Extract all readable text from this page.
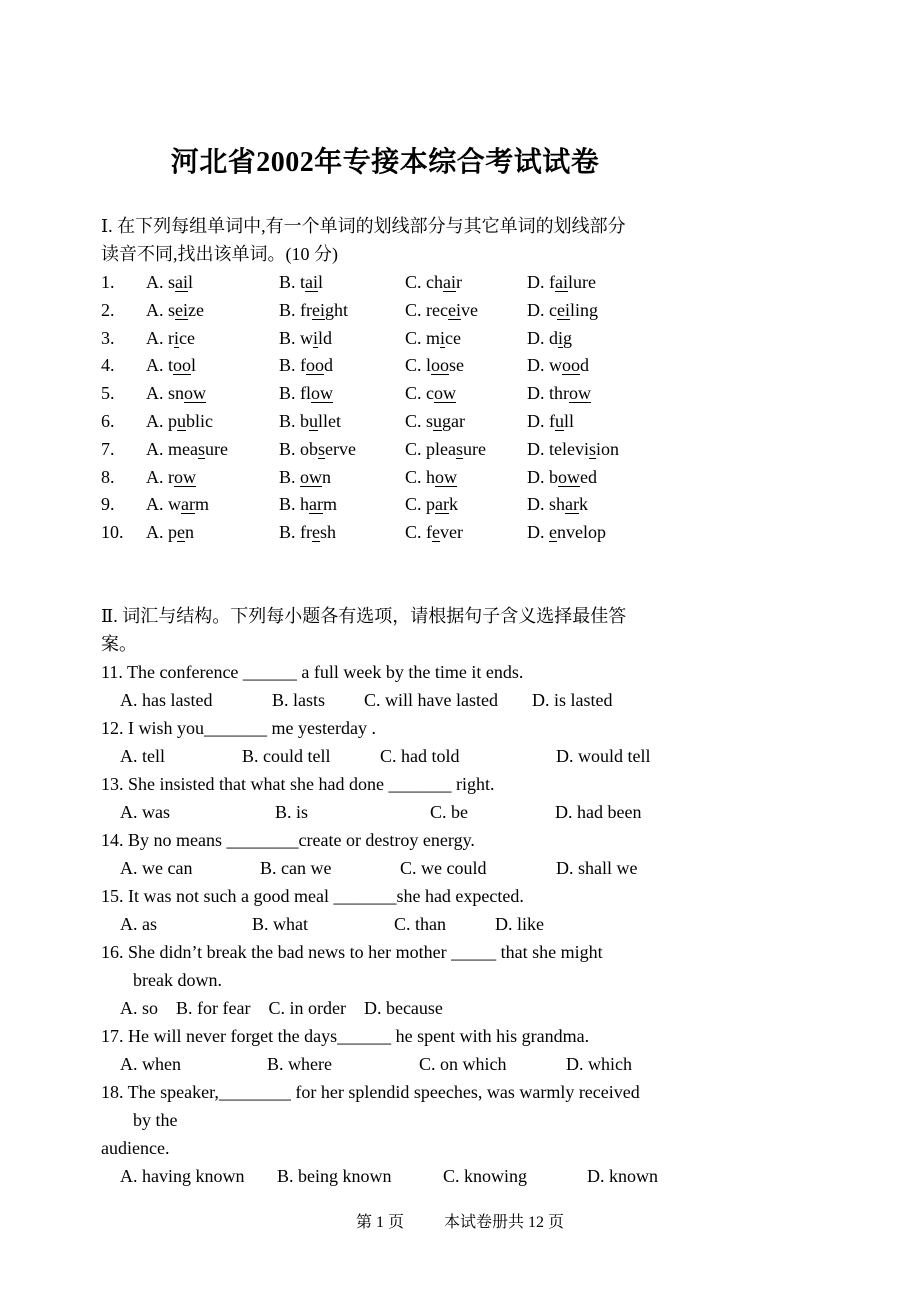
河北省2002年专接本综合考试试卷
Ⅰ. 在下列每组单词中,有一个单词的划线部分与其它单词的划线部分
读音不同,找出该单词。(10 分)
1. A. sail	B. tail	C. chair	D. failure
2. A. seize	B. freight	C. receive	D. ceiling
3. A. rice	B. wild	C. mice	D. dig
4. A. tool	B. food	C. loose	D. wood
5. A. snow	B. flow	C. cow	D. throw
6. A. public	B. bullet	C. sugar	D. full
7. A. measure	B. observe	C. pleasure D. television
8. A. row	B. own	C. how	D. bowed
9. A. warm	B. harm	C. park	D. shark
10. A. pen	B. fresh	C. fever	D. envelop
Ⅱ. 词汇与结构。下列每小题各有选项，请根据句子含义选择最佳答
案。
11. The conference ______ a full week by the time it ends.
A. has lasted	B. lasts C. will have lasted D. is lasted
12. I wish you_______ me yesterday .
A. tell	B. could tell	C. had told	D. would tell
13. She insisted that what she had done _______ right.
A. was	B. is	C. be	D. had been
14. By no means ________create or destroy energy.
A. we can	B. can we	C. we could	D. shall we
15. It was not such a good meal _______she had expected.
A. as	B. what	C. than	D. like
16. She didn’t break the bad news to her mother _____ that she might
break down.
A. so    B. for fear    C. in order    D. because
17. He will never forget the days______ he spent with his grandma.
A. when	B. where	C. on which	D. which
18. The speaker,________ for her splendid speeches, was warmly received
by the
audience.
A. having known B. being known	C. knowing	D. known
第 1 页	本试卷册共 12 页
